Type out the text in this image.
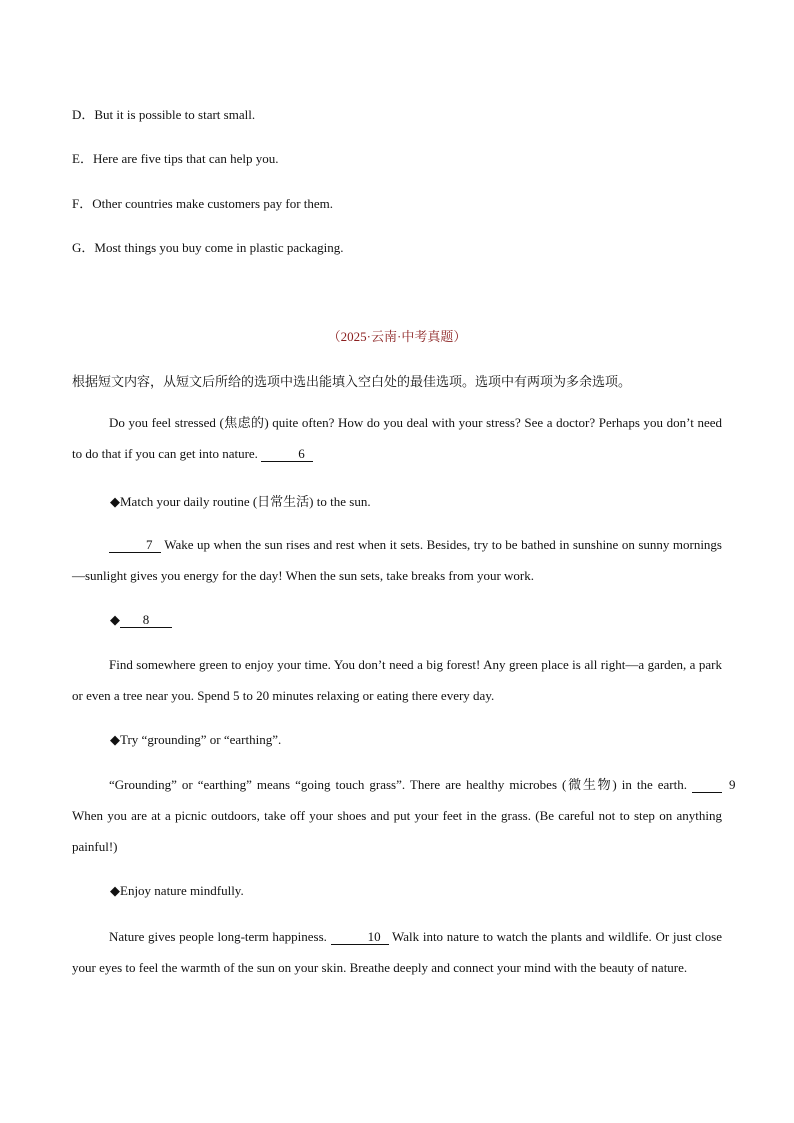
D．But it is possible to start small.
E．Here are five tips that can help you.
F．Other countries make customers pay for them.
G．Most things you buy come in plastic packaging.
（2025·云南·中考真题）
根据短文内容，从短文后所给的选项中选出能填入空白处的最佳选项。选项中有两项为多余选项。
Do you feel stressed (焦虑的) quite often? How do you deal with your stress? See a doctor? Perhaps you don’t need to do that if you can get into nature.	6
◆Match your daily routine (日常生活) to the sun.
7 Wake up when the sun rises and rest when it sets. Besides, try to be bathed in sunshine on sunny mornings—sunlight gives you energy for the day! When the sun sets, take breaks from your work.
◆ 8
Find somewhere green to enjoy your time. You don’t need a big forest! Any green place is all right—a garden, a park or even a tree near you. Spend 5 to 20 minutes relaxing or eating there every day.
◆Try “grounding” or “earthing”.
“Grounding” or “earthing” means “going touch grass”. There are healthy microbes (微生物) in the earth.	9 When you are at a picnic outdoors, take off your shoes and put your feet in the grass. (Be careful not to step on anything painful!)
◆Enjoy nature mindfully.
Nature gives people long-term happiness.	10 Walk into nature to watch the plants and wildlife. Or just close your eyes to feel the warmth of the sun on your skin. Breathe deeply and connect your mind with the beauty of nature.
